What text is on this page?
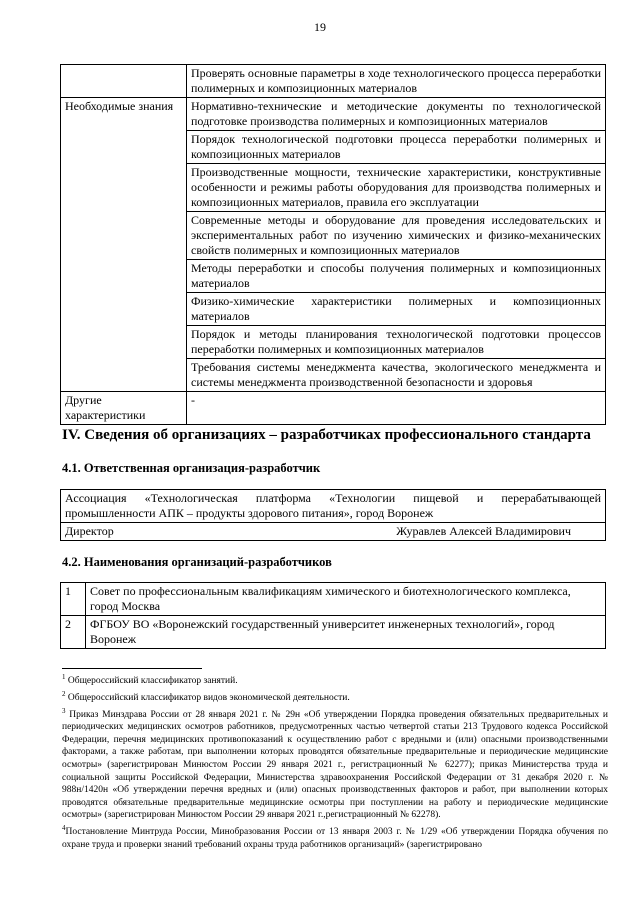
19
	Проверять основные параметры в ходе технологического процесса переработки полимерных и композиционных материалов
Необходимые знания	Нормативно-технические и методические документы по технологической подготовке производства полимерных и композиционных материалов
	Порядок технологической подготовки процесса переработки полимерных и композиционных материалов
	Производственные мощности, технические характеристики, конструктивные особенности и режимы работы оборудования для производства полимерных и композиционных материалов, правила его эксплуатации
	Современные методы и оборудование для проведения исследовательских и экспериментальных работ по изучению химических и физико-механических свойств полимерных и композиционных материалов
	Методы переработки и способы получения полимерных и композиционных материалов
	Физико-химические характеристики полимерных и композиционных материалов
	Порядок и методы планирования технологической подготовки процессов переработки полимерных и композиционных материалов
	Требования системы менеджмента качества, экологического менеджмента и системы менеджмента производственной безопасности и здоровья
Другие характеристики	-
IV. Сведения об организациях – разработчиках профессионального стандарта
4.1. Ответственная организация-разработчик
Ассоциация «Технологическая платформа «Технологии пищевой и перерабатывающей промышленности АПК – продукты здорового питания», город Воронеж

Директор	Журавлев Алексей Владимирович
4.2. Наименования организаций-разработчиков
1	Совет по профессиональным квалификациям химического и биотехнологического комплекса, город Москва
2	ФГБОУ ВО «Воронежский государственный университет инженерных технологий», город Воронеж

$^1$ Общероссийский классификатор занятий.

$^2$ Общероссийский классификатор видов экономической деятельности.

$^3$ Приказ Минздрава России от 28 января 2021 г. № 29н «Об утверждении Порядка проведения обязательных предварительных и периодических медицинских осмотров работников, предусмотренных частью четвертой статьи 213 Трудового кодекса Российской Федерации, перечня медицинских противопоказаний к осуществлению работ с вредными и (или) опасными производственными факторами, а также работам, при выполнении которых проводятся обязательные предварительные и периодические медицинские осмотры» (зарегистрирован Минюстом России 29 января 2021 г., регистрационный № 62277); приказ Министерства труда и социальной защиты Российской Федерации, Министерства здравоохранения Российской Федерации от 31 декабря 2020 г. № 988н/1420н «Об утверждении перечня вредных и (или) опасных производственных факторов и работ, при выполнении которых проводятся обязательные предварительные медицинские осмотры при поступлении на работу и периодические медицинские осмотры» (зарегистрирован Минюстом России 29 января 2021 г.,регистрационный № 62278).

$^4$Постановление Минтруда России, Минобразования России от 13 января 2003 г. № 1/29 «Об утверждении Порядка обучения по охране труда и проверки знаний требований охраны труда работников организаций» (зарегистрировано
